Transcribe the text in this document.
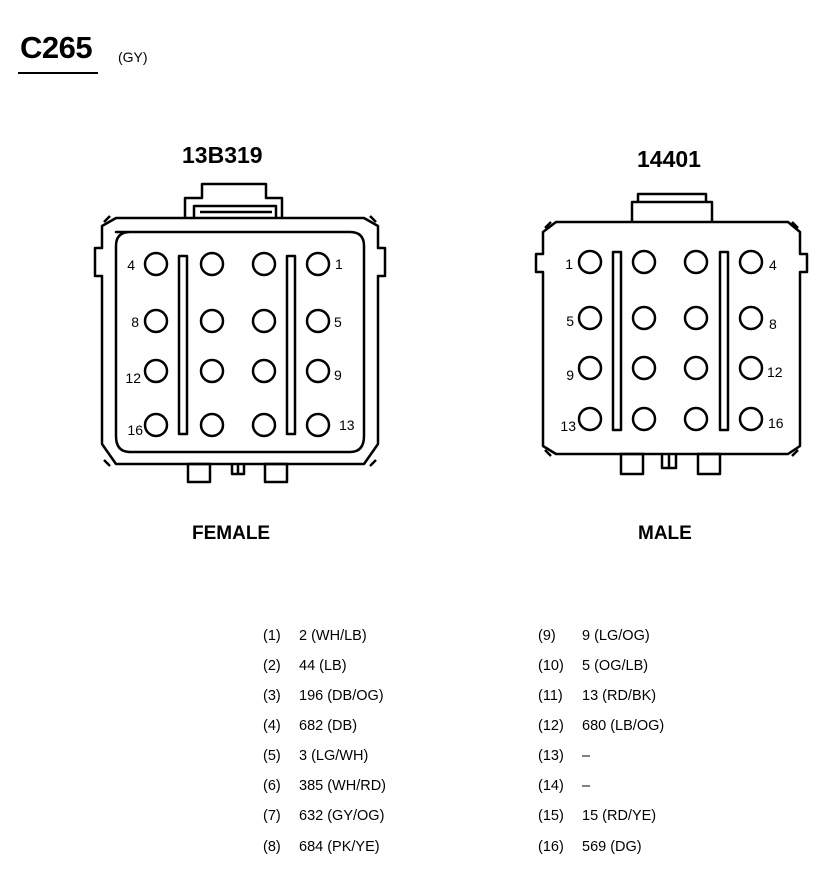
C265 (GY)
13B319	14401
4
8
12
16
1
5
9
13
1
5
9
13
4
8
12
16
FEMALE	MALE
(1) 2 (WH/LB)
(2) 44 (LB)
(3) 196 (DB/OG)
(4) 682 (DB)
(5) 3 (LG/WH)
(6) 385 (WH/RD)
(7) 632 (GY/OG)
(8) 684 (PK/YE)
(9) 9 (LG/OG)
(10) 5 (OG/LB)
(11) 13 (RD/BK)
(12) 680 (LB/OG)
(13) –
(14) –
(15) 15 (RD/YE)
(16) 569 (DG)
